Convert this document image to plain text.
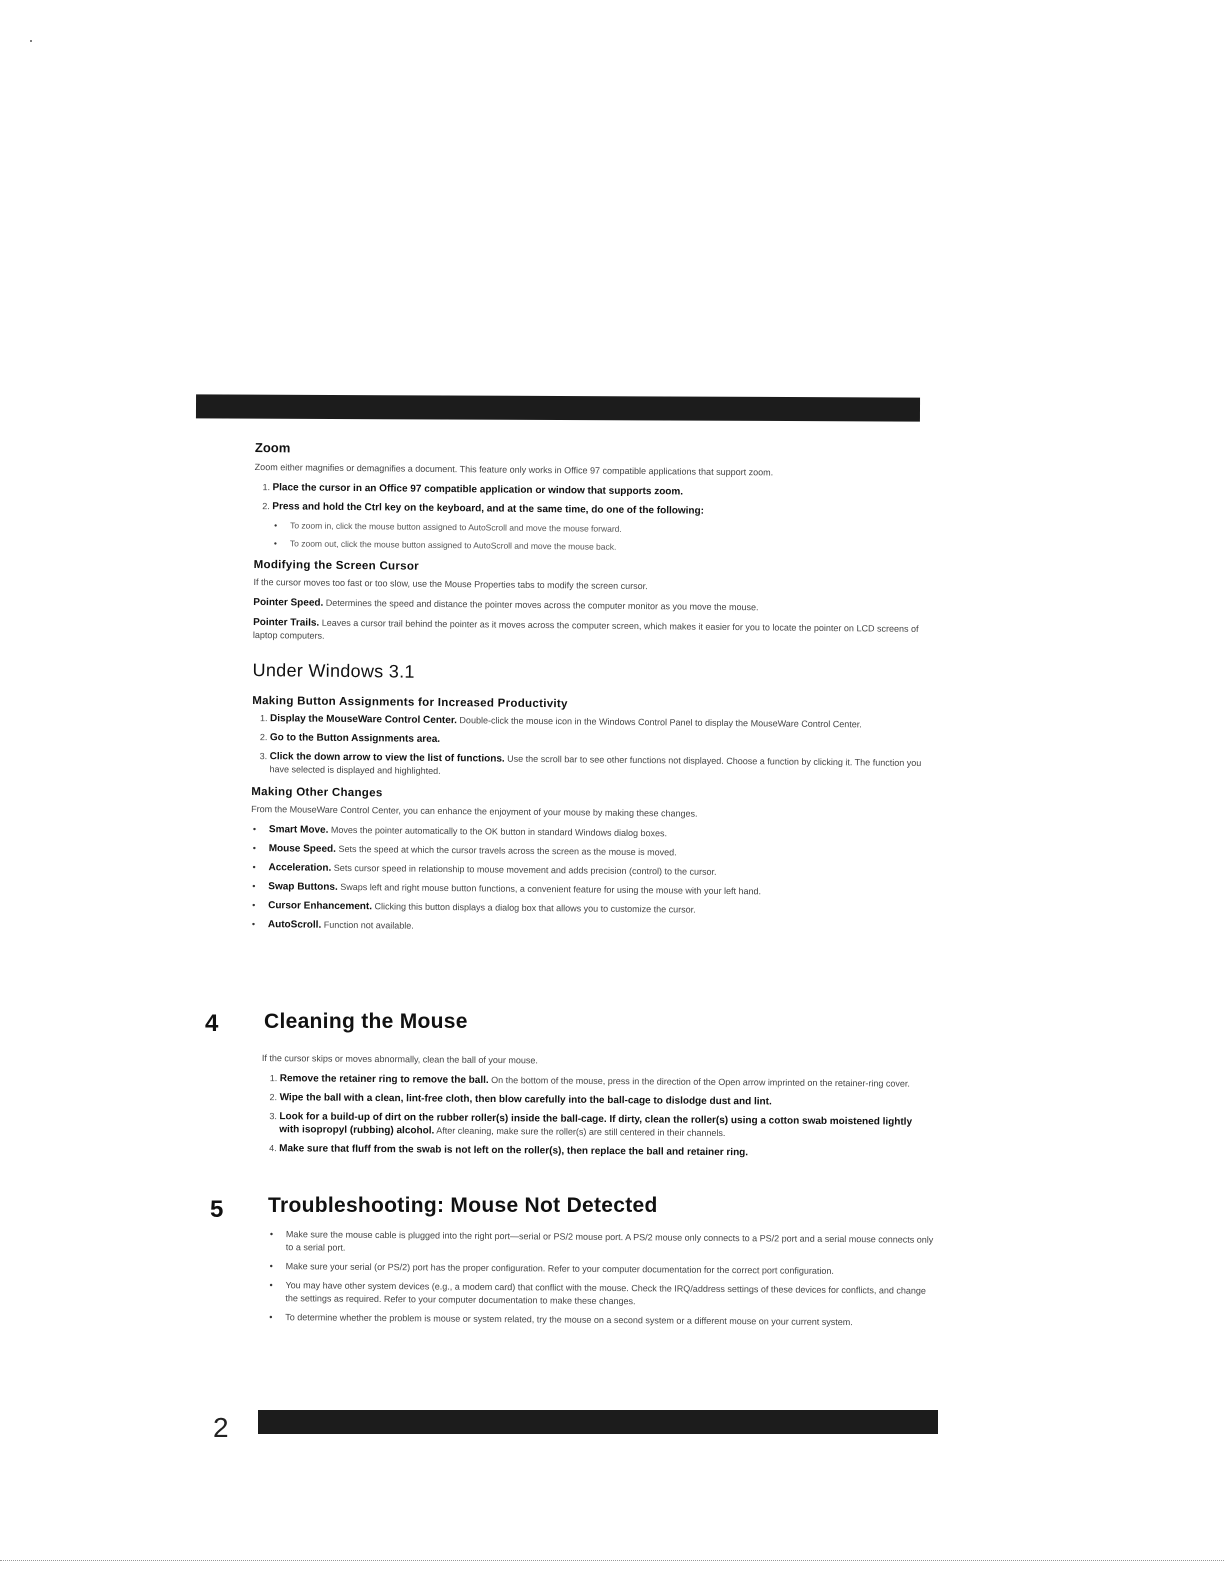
Zoom
Zoom either magnifies or demagnifies a document. This feature only works in Office 97 compatible applications that support zoom.
1. Place the cursor in an Office 97 compatible application or window that supports zoom.
2. Press and hold the Ctrl key on the keyboard, and at the same time, do one of the following:
• To zoom in, click the mouse button assigned to AutoScroll and move the mouse forward.
• To zoom out, click the mouse button assigned to AutoScroll and move the mouse back.
Modifying the Screen Cursor
If the cursor moves too fast or too slow, use the Mouse Properties tabs to modify the screen cursor.
Pointer Speed. Determines the speed and distance the pointer moves across the computer monitor as you move the mouse.
Pointer Trails. Leaves a cursor trail behind the pointer as it moves across the computer screen, which makes it easier for you to locate the pointer on LCD screens of laptop computers.
Under Windows 3.1
Making Button Assignments for Increased Productivity
1. Display the MouseWare Control Center. Double-click the mouse icon in the Windows Control Panel to display the MouseWare Control Center.
2. Go to the Button Assignments area.
3. Click the down arrow to view the list of functions. Use the scroll bar to see other functions not displayed. Choose a function by clicking it. The function you have selected is displayed and highlighted.
Making Other Changes
From the MouseWare Control Center, you can enhance the enjoyment of your mouse by making these changes.
• Smart Move. Moves the pointer automatically to the OK button in standard Windows dialog boxes.
• Mouse Speed. Sets the speed at which the cursor travels across the screen as the mouse is moved.
• Acceleration. Sets cursor speed in relationship to mouse movement and adds precision (control) to the cursor.
• Swap Buttons. Swaps left and right mouse button functions, a convenient feature for using the mouse with your left hand.
• Cursor Enhancement. Clicking this button displays a dialog box that allows you to customize the cursor.
• AutoScroll. Function not available.
4 Cleaning the Mouse
If the cursor skips or moves abnormally, clean the ball of your mouse.
1. Remove the retainer ring to remove the ball. On the bottom of the mouse, press in the direction of the Open arrow imprinted on the retainer-ring cover.
2. Wipe the ball with a clean, lint-free cloth, then blow carefully into the ball-cage to dislodge dust and lint.
3. Look for a build-up of dirt on the rubber roller(s) inside the ball-cage. If dirty, clean the roller(s) using a cotton swab moistened lightly with isopropyl (rubbing) alcohol. After cleaning, make sure the roller(s) are still centered in their channels.
4. Make sure that fluff from the swab is not left on the roller(s), then replace the ball and retainer ring.
5 Troubleshooting: Mouse Not Detected
• Make sure the mouse cable is plugged into the right port—serial or PS/2 mouse port. A PS/2 mouse only connects to a PS/2 port and a serial mouse connects only to a serial port.
• Make sure your serial (or PS/2) port has the proper configuration. Refer to your computer documentation for the correct port configuration.
• You may have other system devices (e.g., a modem card) that conflict with the mouse. Check the IRQ/address settings of these devices for conflicts, and change the settings as required. Refer to your computer documentation to make these changes.
• To determine whether the problem is mouse or system related, try the mouse on a second system or a different mouse on your current system.
2
